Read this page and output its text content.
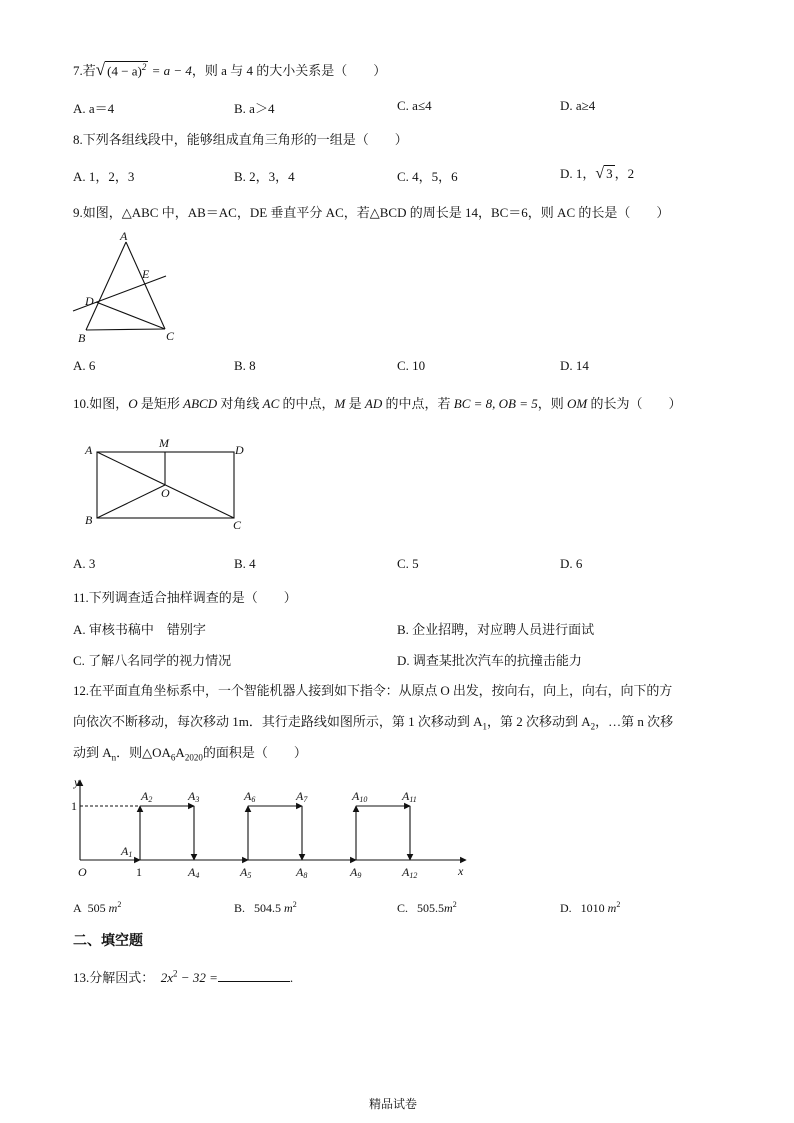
7.若√ $(4 - a)^2 = a - 4$，则 a 与 4 的大小关系是（　　）
A. a＝4	B. a＞4	C. a≤4	D. a≥4
8.下列各组线段中，能够组成直角三角形的一组是（　　）
A. 1，2，3	B. 2，3，4	C. 4，5，6	D. 1，√ 3 ，2
9.如图，△ABC 中，AB＝AC，DE 垂直平分 AC，若△BCD 的周长是 14，BC＝6，则 AC 的长是（　　）
A
B	C
D
E
A. 6	B. 8	C. 10	D. 14
10.如图，O 是矩形 ABCD 对角线 AC 的中点，M 是 AD 的中点，若 BC = 8, OB = 5，则 OM 的长为（　　）
A
B	C
D
M
O
A. 3	B. 4	C. 5	D. 6
11.下列调查适合抽样调查的是（　　）
A. 审核书稿中　错别字	B. 企业招聘，对应聘人员进行面试
C. 了解八名同学的视力情况	D. 调查某批次汽车的抗撞击能力
12.在平面直角坐标系中，一个智能机器人接到如下指令：从原点 O 出发，按向右，向上，向右，向下的方
向依次不断移动，每次移动 1m．其行走路线如图所示，第 1 次移动到 $A_1$，第 2 次移动到 $A_2$，…第 n 次移
动到 $A_n$．则$\triangle OA_6A_{2020}$的面积是（　　）
y
x
O
1
1
A1
A2	A3	A6	A7	A10	A11
A4	A5	A8	A9	A12
A 505 $m^2$	B. 504.5 $m^2$	C. $505.5m^2$	D. 1010 $m^2$
二、填空题
13.分解因式： $2x^2 - 32$ =	.
精品试卷
